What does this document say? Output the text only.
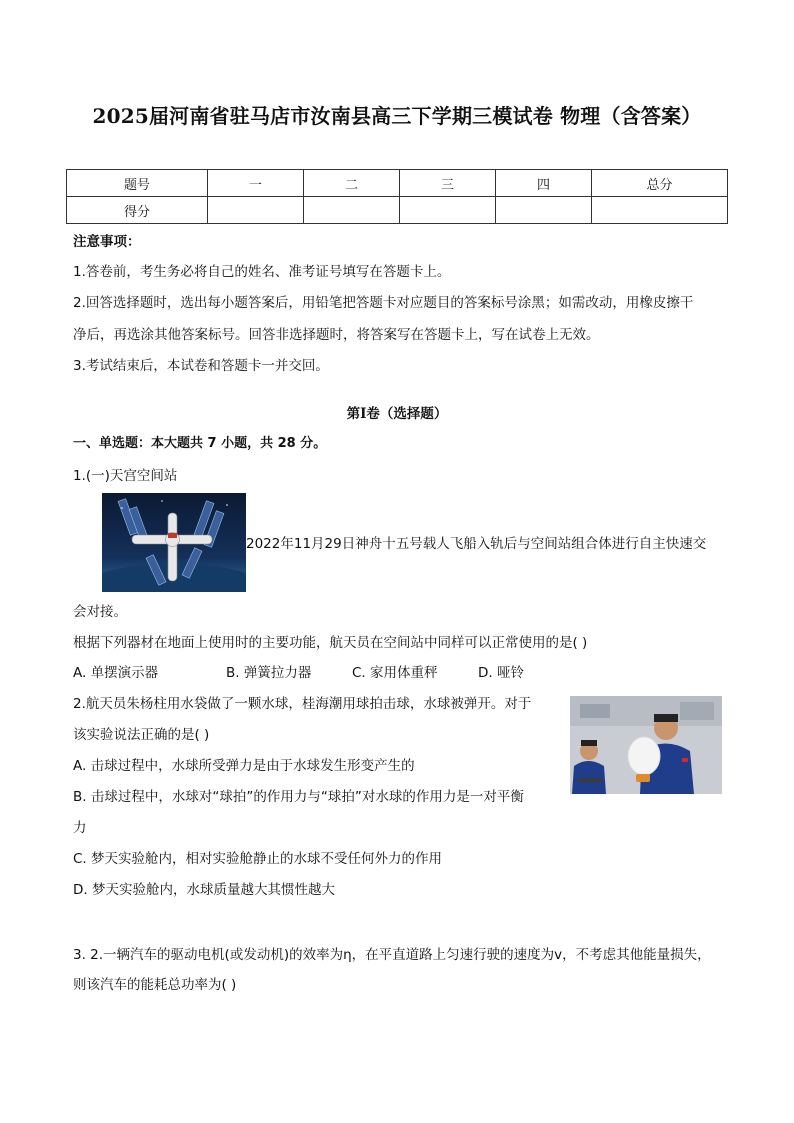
2025届河南省驻马店市汝南县高三下学期三模试卷 物理（含答案）
题号	一	二	三	四	总分
得分					
注意事项：
1.答卷前，考生务必将自己的姓名、准考证号填写在答题卡上。
2.回答选择题时，选出每小题答案后，用铅笔把答题卡对应题目的答案标号涂黑；如需改动，用橡皮擦干
净后，再选涂其他答案标号。回答非选择题时，将答案写在答题卡上，写在试卷上无效。
3.考试结束后，本试卷和答题卡一并交回。
第I卷（选择题）
一、单选题：本大题共 7 小题，共 28 分。
1.(一)天宫空间站
2022年11月29日神舟十五号载人飞船入轨后与空间站组合体进行自主快速交
会对接。
根据下列器材在地面上使用时的主要功能，航天员在空间站中同样可以正常使用的是( )
A. 单摆演示器	B. 弹簧拉力器	C. 家用体重秤	D. 哑铃
2.航天员朱杨柱用水袋做了一颗水球，桂海潮用球拍击球，水球被弹开。对于
该实验说法正确的是( )
A. 击球过程中，水球所受弹力是由于水球发生形变产生的
B. 击球过程中，水球对“球拍”的作用力与“球拍”对水球的作用力是一对平衡
力
C. 梦天实验舱内，相对实验舱静止的水球不受任何外力的作用
D. 梦天实验舱内，水球质量越大其惯性越大
3. 2.一辆汽车的驱动电机(或发动机)的效率为η，在平直道路上匀速行驶的速度为v，不考虑其他能量损失，
则该汽车的能耗总功率为( )
